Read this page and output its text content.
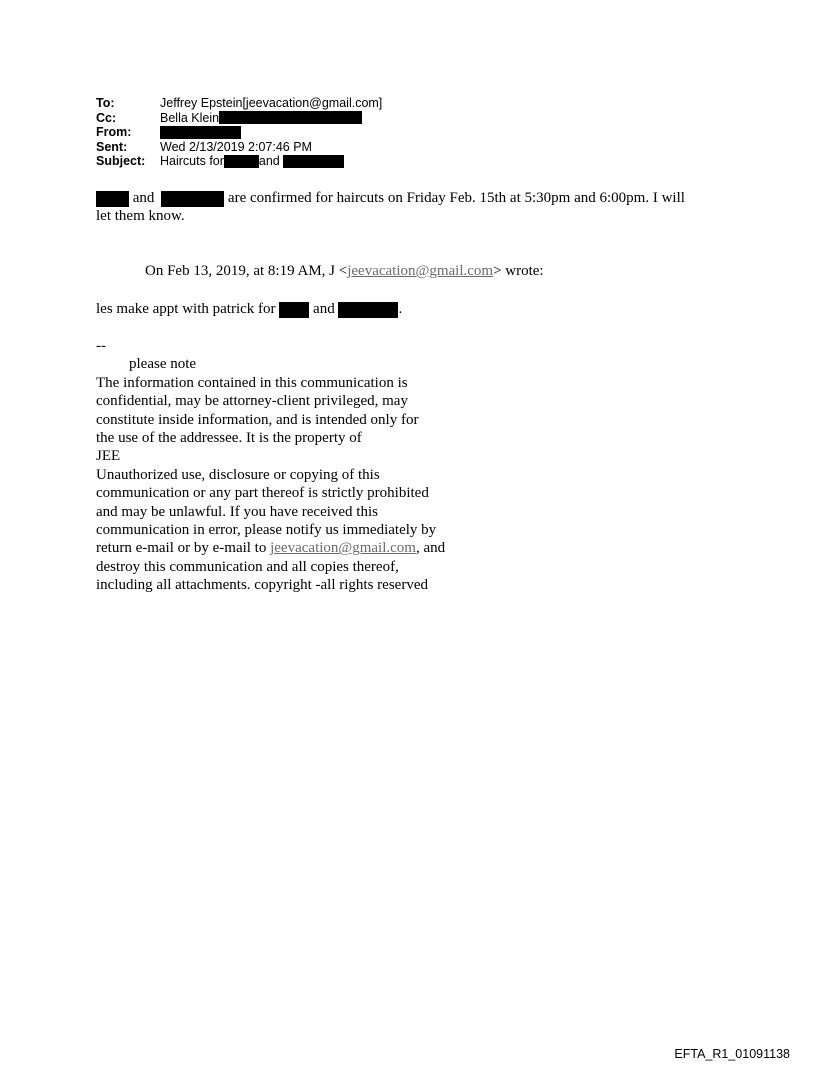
To:	Jeffrey Epstein[jeevacation@gmail.com]
Cc:	Bella Klein
From:
Sent:	Wed 2/13/2019 2:07:46 PM
Subject:	Haircuts for	and
and	are confirmed for haircuts on Friday Feb. 15th at 5:30pm and 6:00pm. I will
let them know.
On Feb 13, 2019, at 8:19 AM, J <jeevacation@gmail.com> wrote:
les make appt with patrick for	and	.
--
please note
The information contained in this communication is
confidential, may be attorney-client privileged, may
constitute inside information, and is intended only for
the use of the addressee. It is the property of
JEE
Unauthorized use, disclosure or copying of this
communication or any part thereof is strictly prohibited
and may be unlawful. If you have received this
communication in error, please notify us immediately by
return e-mail or by e-mail to jeevacation@gmail.com, and
destroy this communication and all copies thereof,
including all attachments. copyright -all rights reserved
EFTA_R1_01091138
